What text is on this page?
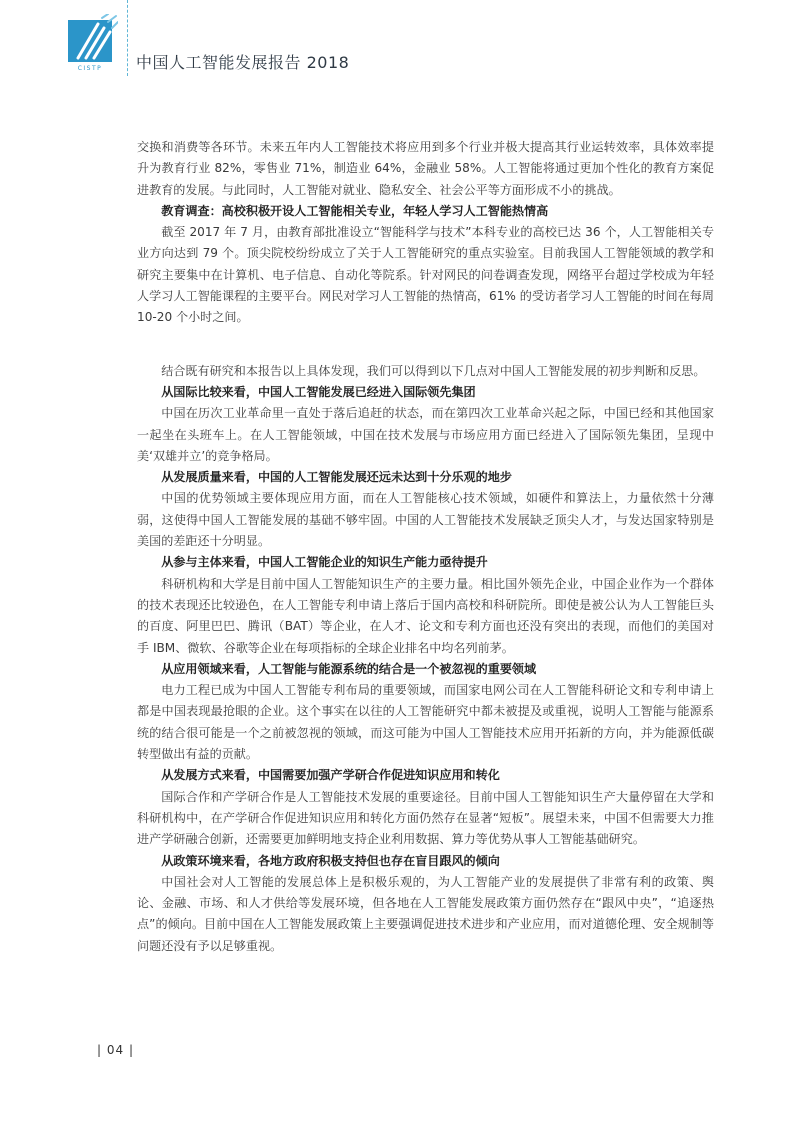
CISTP 中国人工智能发展报告 2018

交换和消费等各环节。未来五年内人工智能技术将应用到多个行业并极大提高其行业运转效率，具体效率提升为教育行业 82%，零售业 71%，制造业 64%，金融业 58%。人工智能将通过更加个性化的教育方案促进教育的发展。与此同时，人工智能对就业、隐私安全、社会公平等方面形成不小的挑战。

教育调查：高校积极开设人工智能相关专业，年轻人学习人工智能热情高

截至 2017 年 7 月，由教育部批准设立“智能科学与技术”本科专业的高校已达 36 个，人工智能相关专业方向达到 79 个。顶尖院校纷纷成立了关于人工智能研究的重点实验室。目前我国人工智能领域的教学和研究主要集中在计算机、电子信息、自动化等院系。针对网民的问卷调查发现，网络平台超过学校成为年轻人学习人工智能课程的主要平台。网民对学习人工智能的热情高，61% 的受访者学习人工智能的时间在每周 10-20 个小时之间。

结合既有研究和本报告以上具体发现，我们可以得到以下几点对中国人工智能发展的初步判断和反思。

从国际比较来看，中国人工智能发展已经进入国际领先集团

中国在历次工业革命里一直处于落后追赶的状态，而在第四次工业革命兴起之际，中国已经和其他国家一起坐在头班车上。在人工智能领域，中国在技术发展与市场应用方面已经进入了国际领先集团，呈现中美‘双雄并立’的竞争格局。

从发展质量来看，中国的人工智能发展还远未达到十分乐观的地步

中国的优势领域主要体现应用方面，而在人工智能核心技术领域，如硬件和算法上，力量依然十分薄弱，这使得中国人工智能发展的基础不够牢固。中国的人工智能技术发展缺乏顶尖人才，与发达国家特别是美国的差距还十分明显。

从参与主体来看，中国人工智能企业的知识生产能力亟待提升

科研机构和大学是目前中国人工智能知识生产的主要力量。相比国外领先企业，中国企业作为一个群体的技术表现还比较逊色，在人工智能专利申请上落后于国内高校和科研院所。即使是被公认为人工智能巨头的百度、阿里巴巴、腾讯（BAT）等企业，在人才、论文和专利方面也还没有突出的表现，而他们的美国对手 IBM、微软、谷歌等企业在每项指标的全球企业排名中均名列前茅。

从应用领域来看，人工智能与能源系统的结合是一个被忽视的重要领域

电力工程已成为中国人工智能专利布局的重要领域，而国家电网公司在人工智能科研论文和专利申请上都是中国表现最抢眼的企业。这个事实在以往的人工智能研究中都未被提及或重视，说明人工智能与能源系统的结合很可能是一个之前被忽视的领域，而这可能为中国人工智能技术应用开拓新的方向，并为能源低碳转型做出有益的贡献。

从发展方式来看，中国需要加强产学研合作促进知识应用和转化

国际合作和产学研合作是人工智能技术发展的重要途径。目前中国人工智能知识生产大量停留在大学和科研机构中，在产学研合作促进知识应用和转化方面仍然存在显著“短板”。展望未来，中国不但需要大力推进产学研融合创新，还需要更加鲜明地支持企业利用数据、算力等优势从事人工智能基础研究。

从政策环境来看，各地方政府积极支持但也存在盲目跟风的倾向

中国社会对人工智能的发展总体上是积极乐观的，为人工智能产业的发展提供了非常有利的政策、舆论、金融、市场、和人才供给等发展环境，但各地在人工智能发展政策方面仍然存在“跟风中央”，“追逐热点”的倾向。目前中国在人工智能发展政策上主要强调促进技术进步和产业应用，而对道德伦理、安全规制等问题还没有予以足够重视。

| 04 |
